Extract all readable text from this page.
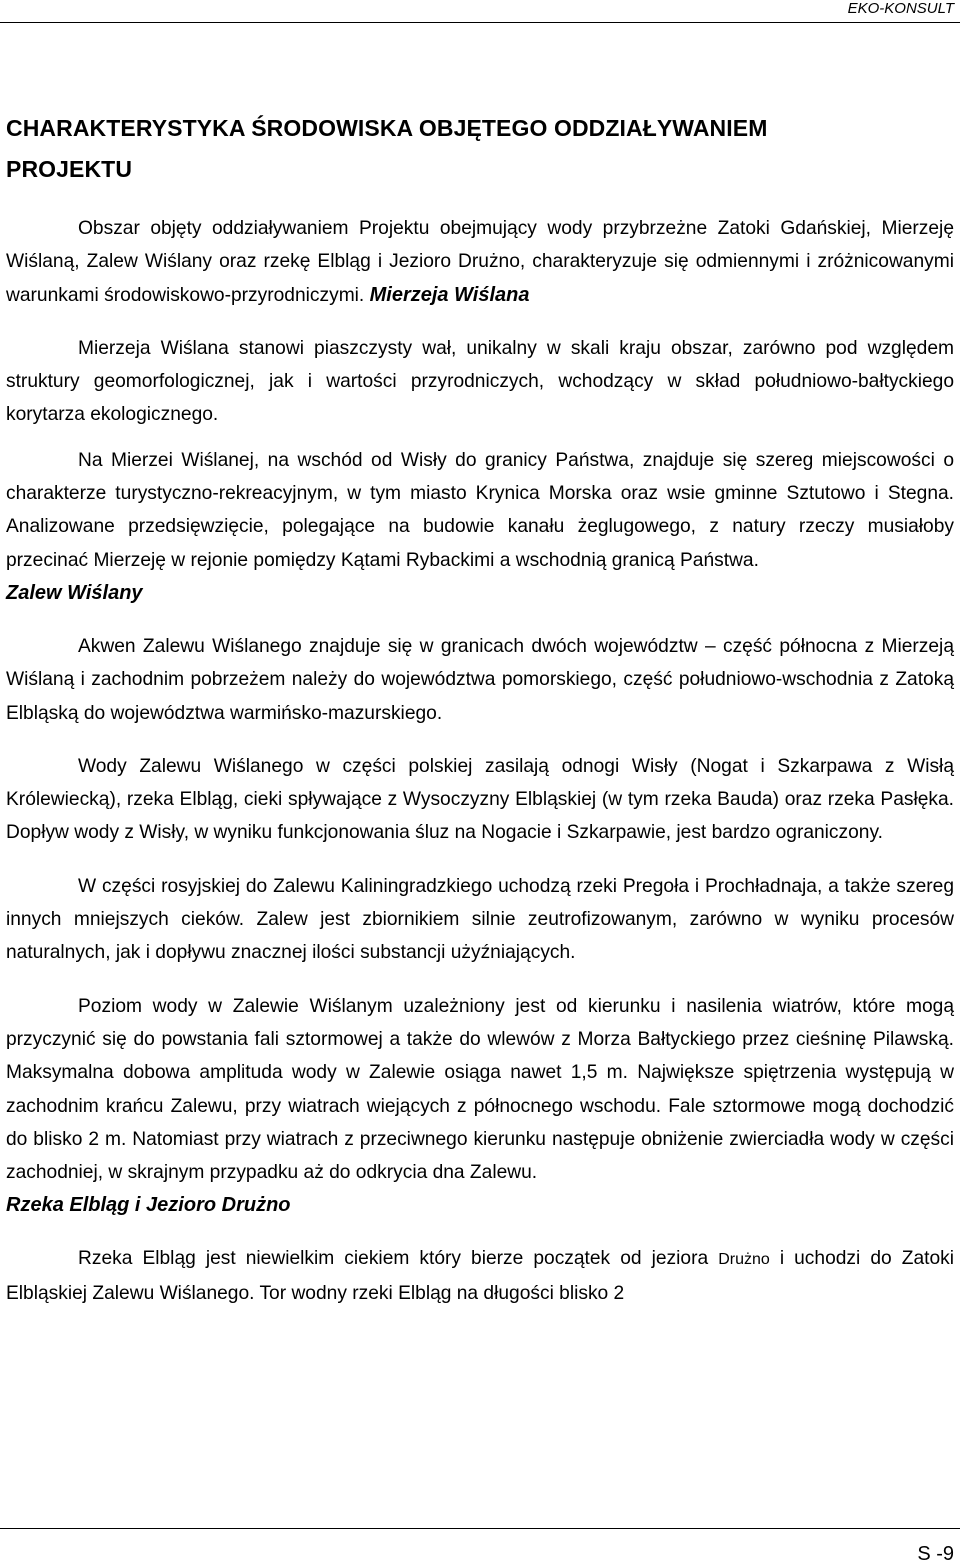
EKO-KONSULT
CHARAKTERYSTYKA ŚRODOWISKA OBJĘTEGO ODDZIAŁYWANIEM
PROJEKTU

Obszar objęty oddziaływaniem Projektu obejmujący wody przybrzeżne Zatoki Gdańskiej, Mierzeję Wiślaną, Zalew Wiślany oraz rzekę Elbląg i Jezioro Drużno, charakteryzuje się odmiennymi i zróżnicowanymi warunkami środowiskowo-przyrodniczymi. Mierzeja Wiślana

Mierzeja Wiślana stanowi piaszczysty wał, unikalny w skali kraju obszar, zarówno pod względem struktury geomorfologicznej, jak i wartości przyrodniczych, wchodzący w skład południowo-bałtyckiego korytarza ekologicznego.

Na Mierzei Wiślanej, na wschód od Wisły do granicy Państwa, znajduje się szereg miejscowości o charakterze turystyczno-rekreacyjnym, w tym miasto Krynica Morska oraz wsie gminne Sztutowo i Stegna. Analizowane przedsięwzięcie, polegające na budowie kanału żeglugowego, z natury rzeczy musiałoby przecinać Mierzeję w rejonie pomiędzy Kątami Rybackimi a wschodnią granicą Państwa.

Zalew Wiślany

Akwen Zalewu Wiślanego znajduje się w granicach dwóch województw – część północna z Mierzeją Wiślaną i zachodnim pobrzeżem należy do województwa pomorskiego, część południowo-wschodnia z Zatoką Elbląską do województwa warmińsko-mazurskiego.

Wody Zalewu Wiślanego w części polskiej zasilają odnogi Wisły (Nogat i Szkarpawa z Wisłą Królewiecką), rzeka Elbląg, cieki spływające z Wysoczyzny Elbląskiej (w tym rzeka Bauda) oraz rzeka Pasłęka. Dopływ wody z Wisły, w wyniku funkcjonowania śluz na Nogacie i Szkarpawie, jest bardzo ograniczony.

W części rosyjskiej do Zalewu Kaliningradzkiego uchodzą rzeki Pregoła i Prochładnaja, a także szereg innych mniejszych cieków. Zalew jest zbiornikiem silnie zeutrofizowanym, zarówno w wyniku procesów naturalnych, jak i dopływu znacznej ilości substancji użyźniających.

Poziom wody w Zalewie Wiślanym uzależniony jest od kierunku i nasilenia wiatrów, które mogą przyczynić się do powstania fali sztormowej a także do wlewów z Morza Bałtyckiego przez cieśninę Pilawską. Maksymalna dobowa amplituda wody w Zalewie osiąga nawet 1,5 m. Największe spiętrzenia występują w zachodnim krańcu Zalewu, przy wiatrach wiejących z północnego wschodu. Fale sztormowe mogą dochodzić do blisko 2 m. Natomiast przy wiatrach z przeciwnego kierunku następuje obniżenie zwierciadła wody w części zachodniej, w skrajnym przypadku aż do odkrycia dna Zalewu.

Rzeka Elbląg i Jezioro Drużno

Rzeka Elbląg jest niewielkim ciekiem który bierze początek od jeziora Drużno i uchodzi do Zatoki Elbląskiej Zalewu Wiślanego. Tor wodny rzeki Elbląg na długości blisko 2

S -9
